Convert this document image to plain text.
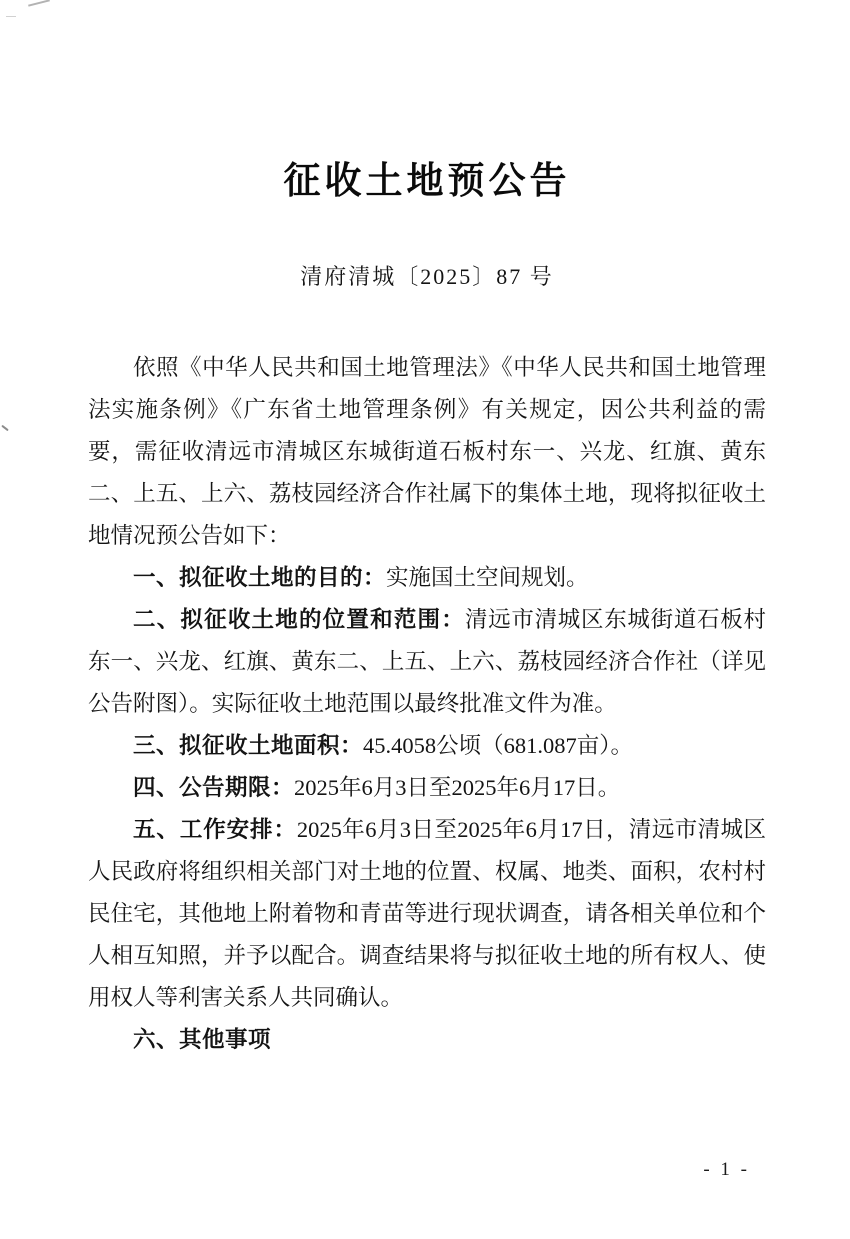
征收土地预公告
清府清城〔2025〕87 号

依照《中华人民共和国土地管理法》《中华人民共和国土地管理法实施条例》《广东省土地管理条例》有关规定，因公共利益的需要，需征收清远市清城区东城街道石板村东一、兴龙、红旗、黄东二、上五、上六、荔枝园经济合作社属下的集体土地，现将拟征收土地情况预公告如下：

一、拟征收土地的目的：实施国土空间规划。

二、拟征收土地的位置和范围：清远市清城区东城街道石板村东一、兴龙、红旗、黄东二、上五、上六、荔枝园经济合作社（详见公告附图）。实际征收土地范围以最终批准文件为准。

三、拟征收土地面积：45.4058公顷（681.087亩）。

四、公告期限：2025年6月3日至2025年6月17日。

五、工作安排：2025年6月3日至2025年6月17日，清远市清城区人民政府将组织相关部门对土地的位置、权属、地类、面积，农村村民住宅，其他地上附着物和青苗等进行现状调查，请各相关单位和个人相互知照，并予以配合。调查结果将与拟征收土地的所有权人、使用权人等利害关系人共同确认。

六、其他事项

- 1 -
